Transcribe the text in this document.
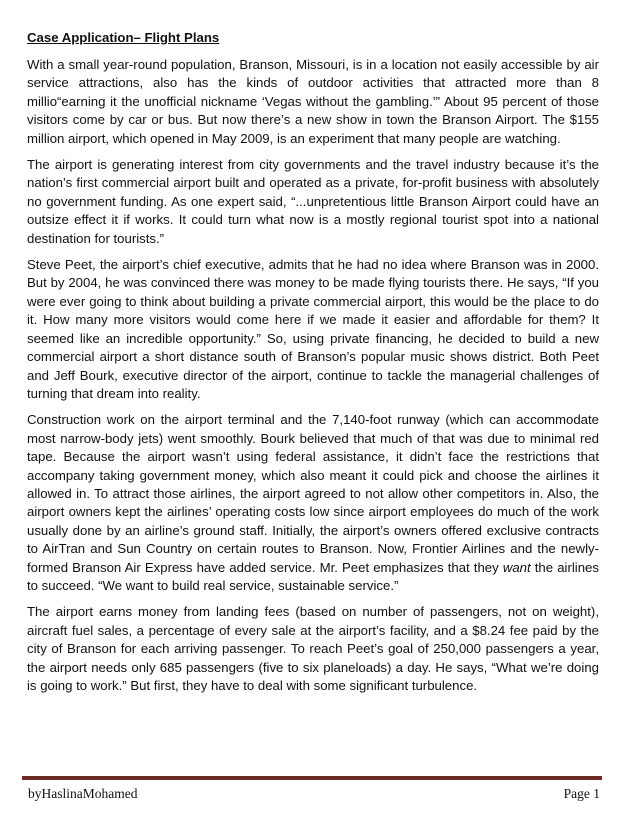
Case Application– Flight Plans

With a small year-round population, Branson, Missouri, is in a location not easily accessible by air service attractions, also has the kinds of outdoor activities that attracted more than 8 millio“earning it the unofficial nickname ‘Vegas without the gambling.’” About 95 percent of those visitors come by car or bus. But now there’s a new show in town the Branson Airport. The $155 million airport, which opened in May 2009, is an experiment that many people are watching.

The airport is generating interest from city governments and the travel industry because it’s the nation’s first commercial airport built and operated as a private, for-profit business with absolutely no government funding. As one expert said, “...unpretentious little Branson Airport could have an outsize effect it if works. It could turn what now is a mostly regional tourist spot into a national destination for tourists.”

Steve Peet, the airport’s chief executive, admits that he had no idea where Branson was in 2000. But by 2004, he was convinced there was money to be made flying tourists there. He says, “If you were ever going to think about building a private commercial airport, this would be the place to do it. How many more visitors would come here if we made it easier and affordable for them? It seemed like an incredible opportunity.” So, using private financing, he decided to build a new commercial airport a short distance south of Branson’s popular music shows district. Both Peet and Jeff Bourk, executive director of the airport, continue to tackle the managerial challenges of turning that dream into reality.

Construction work on the airport terminal and the 7,140-foot runway (which can accommodate most narrow-body jets) went smoothly. Bourk believed that much of that was due to minimal red tape. Because the airport wasn’t using federal assistance, it didn’t face the restrictions that accompany taking government money, which also meant it could pick and choose the airlines it allowed in. To attract those airlines, the airport agreed to not allow other competitors in. Also, the airport owners kept the airlines’ operating costs low since airport employees do much of the work usually done by an airline’s ground staff. Initially, the airport’s owners offered exclusive contracts to AirTran and Sun Country on certain routes to Branson. Now, Frontier Airlines and the newly-formed Branson Air Express have added service. Mr. Peet emphasizes that they want the airlines to succeed. “We want to build real service, sustainable service.”

The airport earns money from landing fees (based on number of passengers, not on weight), aircraft fuel sales, a percentage of every sale at the airport’s facility, and a $8.24 fee paid by the city of Branson for each arriving passenger. To reach Peet’s goal of 250,000 passengers a year, the airport needs only 685 passengers (five to six planeloads) a day. He says, “What we’re doing is going to work.” But first, they have to deal with some significant turbulence.

byHaslinaMohamed	Page 1
